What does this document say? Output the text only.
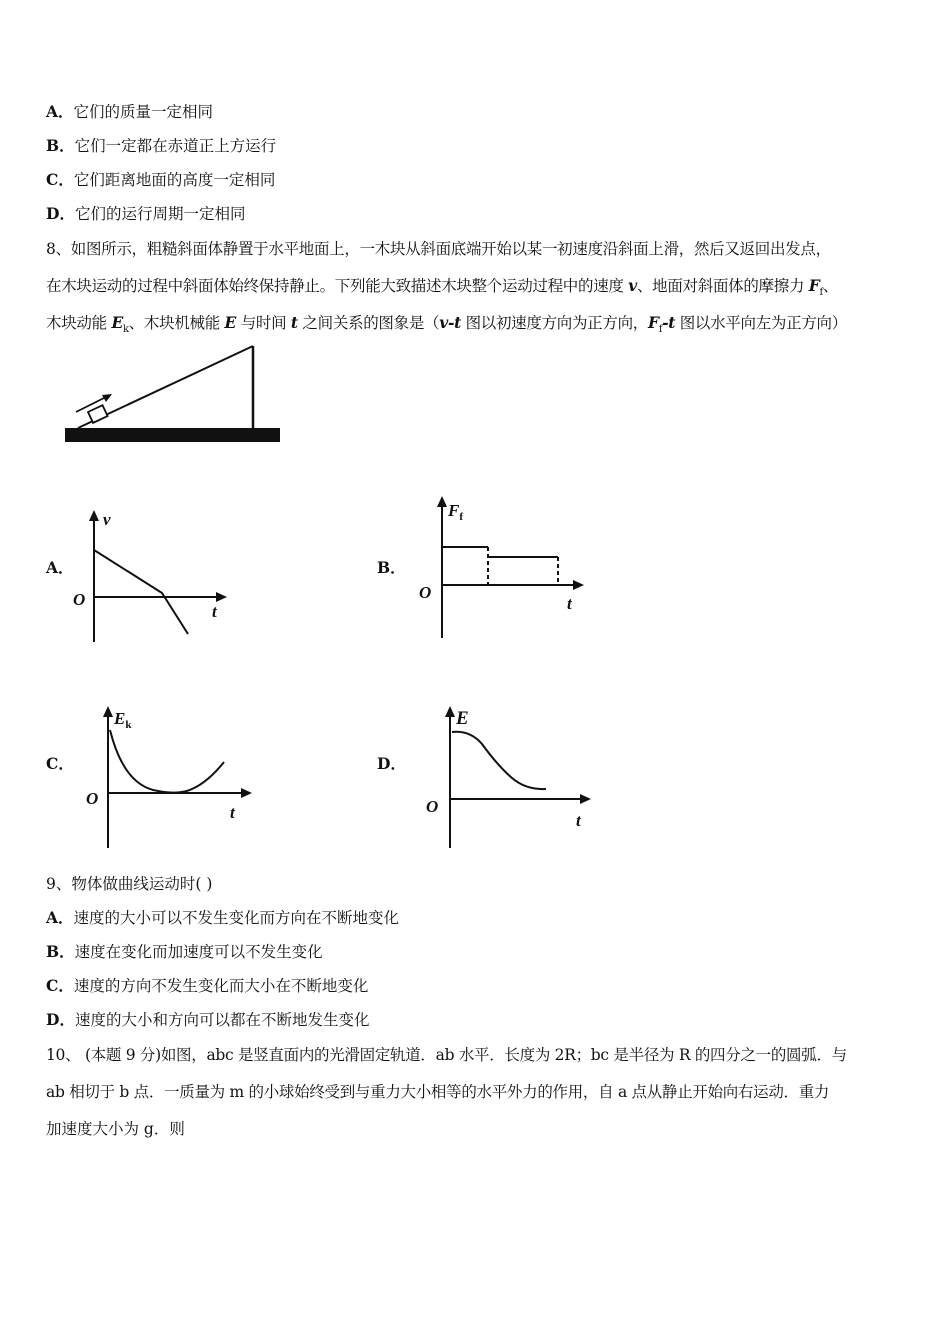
A．它们的质量一定相同
B．它们一定都在赤道正上方运行
C．它们距离地面的高度一定相同
D．它们的运行周期一定相同
8、如图所示，粗糙斜面体静置于水平地面上，一木块从斜面底端开始以某一初速度沿斜面上滑，然后又返回出发点，
在木块运动的过程中斜面体始终保持静止。下列能大致描述木块整个运动过程中的速度 v、地面对斜面体的摩擦力 $F_f$、
木块动能 $E_k$、木块机械能 E 与时间 t 之间关系的图象是（v-t 图以初速度方向为正方向，$F_f-t$ 图以水平向左为正方向）
A．
v
t
O
B．
$F_f$
t
O
C．
$E_k$
t
O
D．
E
t
O
9、物体做曲线运动时( )
A．速度的大小可以不发生变化而方向在不断地变化
B．速度在变化而加速度可以不发生变化
C．速度的方向不发生变化而大小在不断地变化
D．速度的大小和方向可以都在不断地发生变化
10、 (本题 9 分)如图，abc 是竖直面内的光滑固定轨道．ab 水平．长度为 2R；bc 是半径为 R 的四分之一的圆弧．与
ab 相切于 b 点．一质量为 m 的小球始终受到与重力大小相等的水平外力的作用，自 a 点从静止开始向右运动．重力
加速度大小为 g．则
